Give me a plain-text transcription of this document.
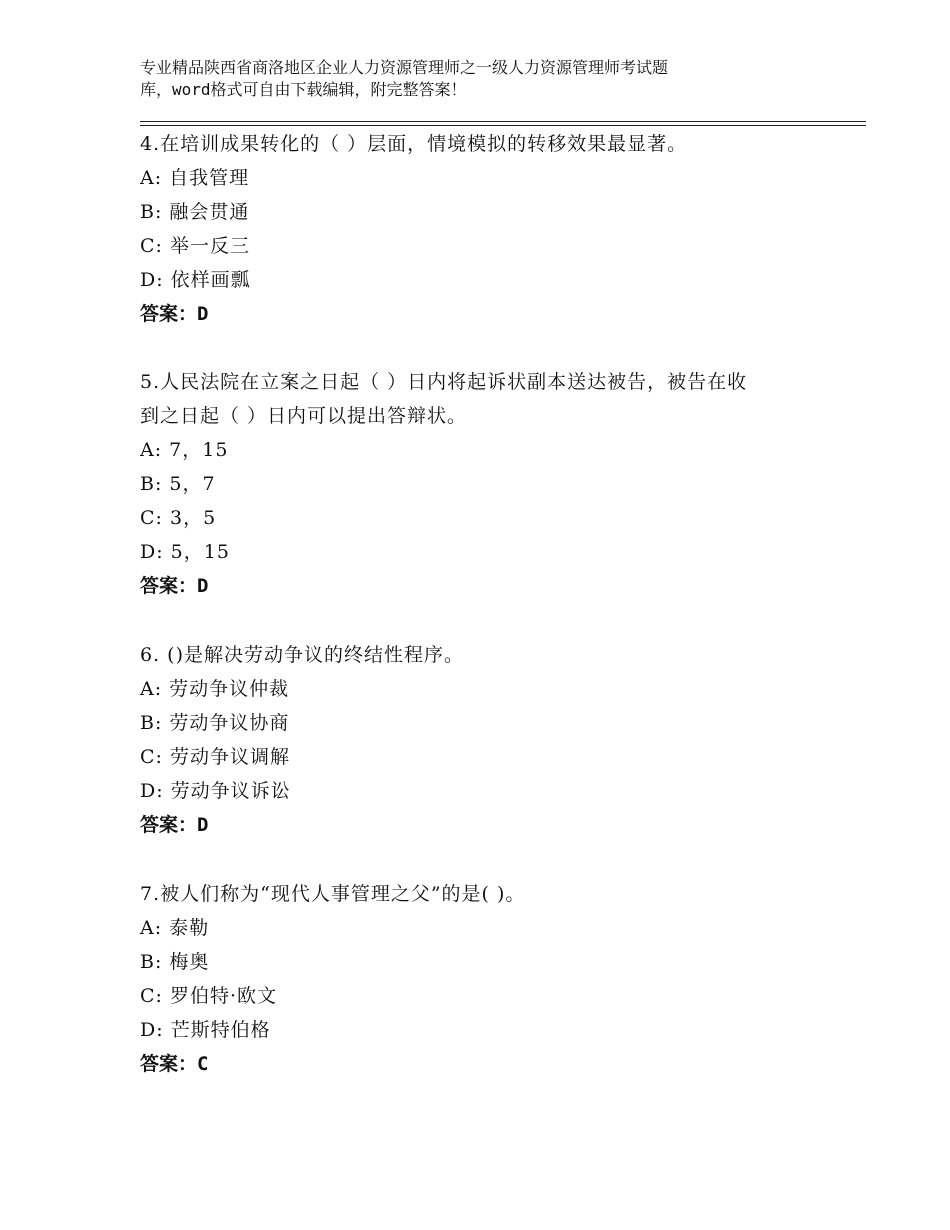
专业精品陕西省商洛地区企业人力资源管理师之一级人力资源管理师考试题
库，word格式可自由下载编辑，附完整答案！
4.在培训成果转化的（ ）层面，情境模拟的转移效果最显著。
A: 自我管理
B: 融会贯通
C: 举一反三
D: 依样画瓢
答案：D
5.人民法院在立案之日起（ ）日内将起诉状副本送达被告，被告在收
到之日起（ ）日内可以提出答辩状。
A: 7，15
B: 5，7
C: 3，5
D: 5，15
答案：D
6. ()是解决劳动争议的终结性程序。
A: 劳动争议仲裁
B: 劳动争议协商
C: 劳动争议调解
D: 劳动争议诉讼
答案：D
7.被人们称为“现代人事管理之父”的是( )。
A: 泰勒
B: 梅奥
C: 罗伯特·欧文
D: 芒斯特伯格
答案：C
